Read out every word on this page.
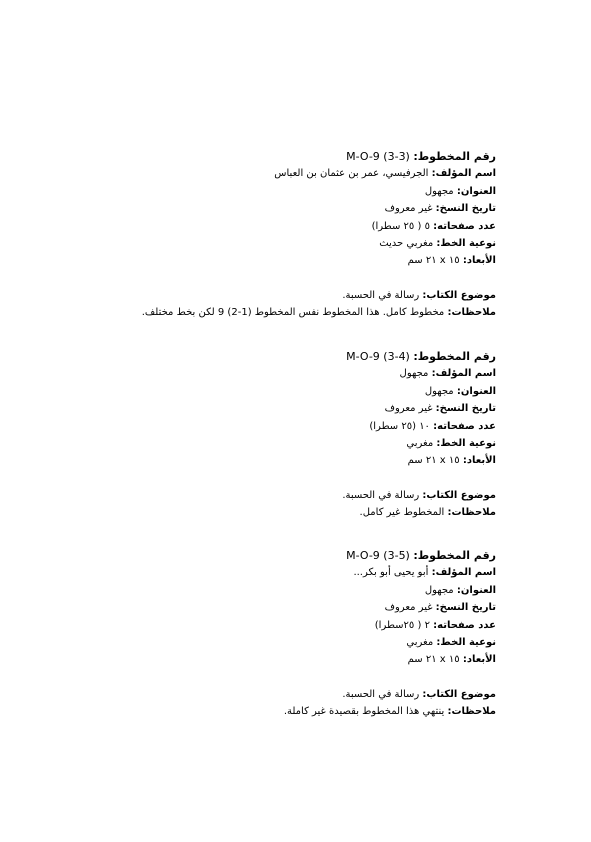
رقم المخطوط: M-O-9 (3-3)
اسم المؤلف: الجرفيسي، عمر بن عثمان بن العباس
العنوان: مجهول
تاريخ النسخ: غير معروف
عدد صفحاته: ٥ ( ٢٥ سطرا)
نوعية الخط: مغربي حديث
الأبعاد: ١٥ x ٢١ سم
موضوع الكتاب: رسالة في الحسبة.
ملاحظات: مخطوط كامل. هذا المخطوط نفس المخطوط (1-2) 9 لكن بخط مختلف.
رقم المخطوط: M-O-9 (3-4)
اسم المؤلف: مجهول
العنوان: مجهول
تاريخ النسخ: غير معروف
عدد صفحاته: ١٠ (٢٥ سطرا)
نوعية الخط: مغربي
الأبعاد: ١٥ x ٢١ سم
موضوع الكتاب: رسالة في الحسبة.
ملاحظات: المخطوط غير كامل.
رقم المخطوط: M-O-9 (3-5)
اسم المؤلف: أبو يحيى أبو بكر...
العنوان: مجهول
تاريخ النسخ: غير معروف
عدد صفحاته: ٢ ( ٢٥سطرا)
نوعية الخط: مغربي
الأبعاد: ١٥ x ٢١ سم
موضوع الكتاب: رسالة في الحسبة.
ملاحظات: ينتهي هذا المخطوط بقصيدة غير كاملة.
